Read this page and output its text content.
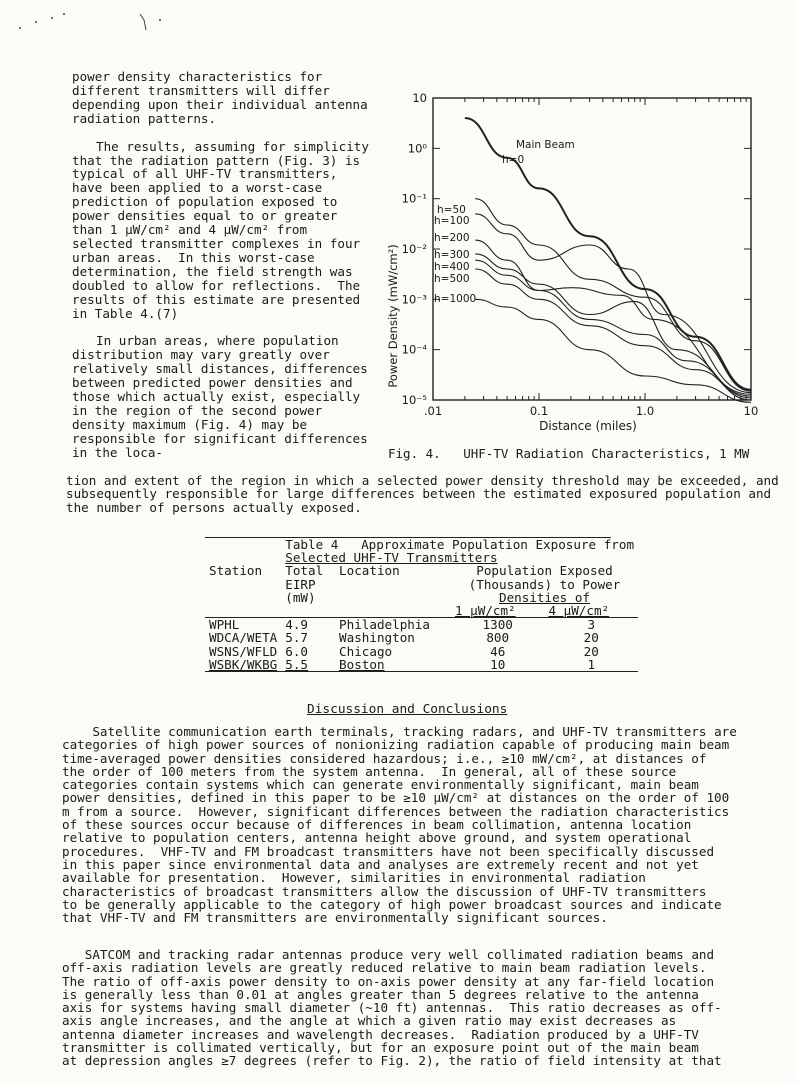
power density characteristics for different transmitters will differ depending upon their individual antenna radiation patterns.

The results, assuming for simplicity that the radiation pattern (Fig. 3) is typical of all UHF-TV transmitters, have been applied to a worst-case prediction of population exposed to power densities equal to or greater than 1 µW/cm² and 4 µW/cm² from selected transmitter complexes in four urban areas.  In this worst-case determination, the field strength was doubled to allow for reflections.  The results of this estimate are presented in Table 4.(7)

In urban areas, where population distribution may vary greatly over relatively small distances, differences between predicted power densities and those which actually exist, especially in the region of the second power density maximum (Fig. 4) may be responsible for significant differences in the loca-

10
10⁰
10⁻¹
10⁻²
10⁻³
10⁻⁴
10⁻⁵
.01	0.1	1.0	10
Main Beam
h=0
h=50
h=100
h=200
h=300
h=400
h=500
h=1000
Power Density (mW/cm²)
Distance (miles)
Fig. 4.   UHF-TV Radiation Characteristics, 1 MW

tion and extent of the region in which a selected power density threshold may be exceeded, and subsequently responsible for large differences between the estimated exposured population and the number of persons actually exposed.

	Table 4   Approximate Population Exposure from			
	Selected UHF-TV Transmitters			
Station	Total	Location	Population Exposed	
	EIRP		(Thousands) to Power	
	(mW)		Densities of	
			1 µW/cm²	4 µW/cm²
WPHL	4.9	Philadelphia	1300	3
WDCA/WETA	5.7	Washington	800	20
WSNS/WFLD	6.0	Chicago	46	20
WSBK/WKBG	5.5	Boston	10	1
Discussion and Conclusions

Satellite communication earth terminals, tracking radars, and UHF-TV transmitters are
categories of high power sources of nonionizing radiation capable of producing main beam
time-averaged power densities considered hazardous; i.e., ≥10 mW/cm², at distances of
the order of 100 meters from the system antenna.  In general, all of these source
categories contain systems which can generate environmentally significant, main beam
power densities, defined in this paper to be ≥10 µW/cm² at distances on the order of 100
m from a source.  However, significant differences between the radiation characteristics
of these sources occur because of differences in beam collimation, antenna location
relative to population centers, antenna height above ground, and system operational
procedures.  VHF-TV and FM broadcast transmitters have not been specifically discussed
in this paper since environmental data and analyses are extremely recent and not yet
available for presentation.  However, similarities in environmental radiation
characteristics of broadcast transmitters allow the discussion of UHF-TV transmitters
to be generally applicable to the category of high power broadcast sources and indicate
that VHF-TV and FM transmitters are environmentally significant sources.

SATCOM and tracking radar antennas produce very well collimated radiation beams and
off-axis radiation levels are greatly reduced relative to main beam radiation levels.
The ratio of off-axis power density to on-axis power density at any far-field location
is generally less than 0.01 at angles greater than 5 degrees relative to the antenna
axis for systems having small diameter (~10 ft) antennas.  This ratio decreases as off-
axis angle increases, and the angle at which a given ratio may exist decreases as
antenna diameter increases and wavelength decreases.  Radiation produced by a UHF-TV
transmitter is collimated vertically, but for an exposure point out of the main beam
at depression angles ≥7 degrees (refer to Fig. 2), the ratio of field intensity at that
